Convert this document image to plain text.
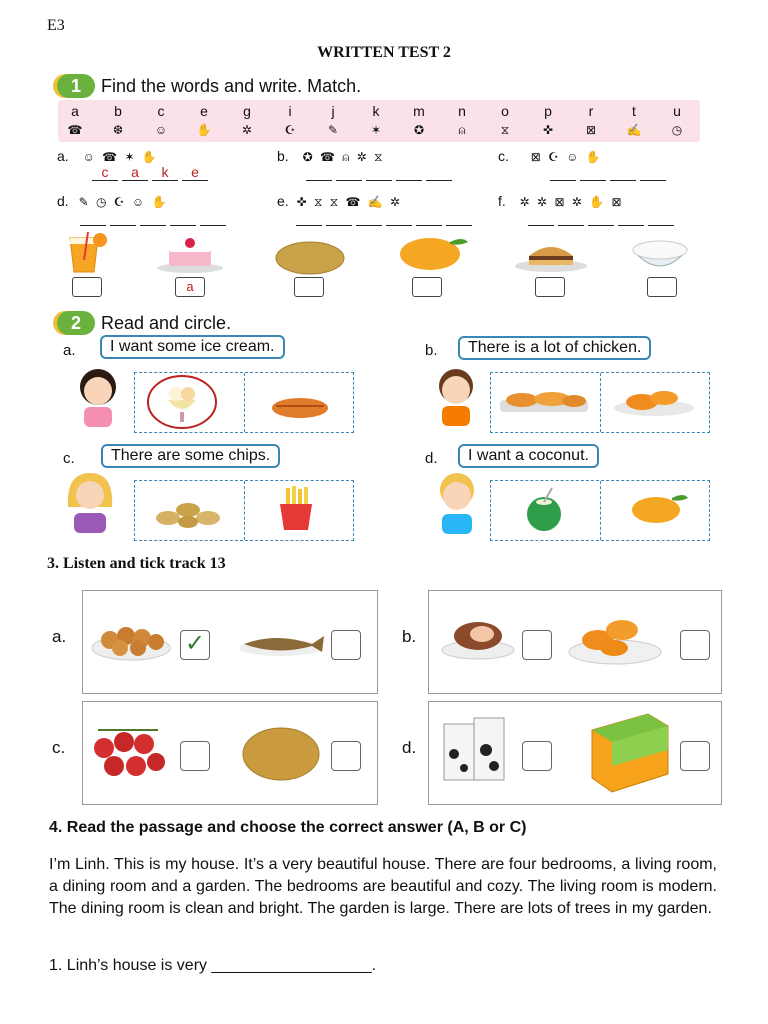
E3
WRITTEN TEST 2
1	Find the words and write. Match.
a	b	c	e	g	i	j	k	m	n	o	p	r	t	u
☎	❆	☺	✋	✲	☪	✎	✶	✪	⍝	⧖	✜	⊠	✍	◷
a. ☺ ☎ ✶ ✋
c a k e
b. ✪ ☎ ⍝ ✲ ⧖	c. ⊠ ☪ ☺ ✋
d. ✎ ◷ ☪ ☺ ✋	e. ✜ ⧖ ⧖ ☎ ✍ ✲	f. ✲ ✲ ⊠ ✲ ✋ ⊠
a
2	Read and circle.
a.	I want some ice cream.	b.	There is a lot of chicken.
c.	There are some chips.	d.	I want a coconut.
3. Listen and tick track 13
a.	✓	b.
c.	d.
4. Read the passage and choose the correct answer (A, B or C)
I’m Linh. This is my house. It’s a very beautiful house. There are four bedrooms, a living room, a dining room and a garden. The bedrooms are beautiful and cozy. The living room is modern. The dining room is clean and bright. The garden is large. There are lots of trees in my garden.
1. Linh’s house is very __________________.
